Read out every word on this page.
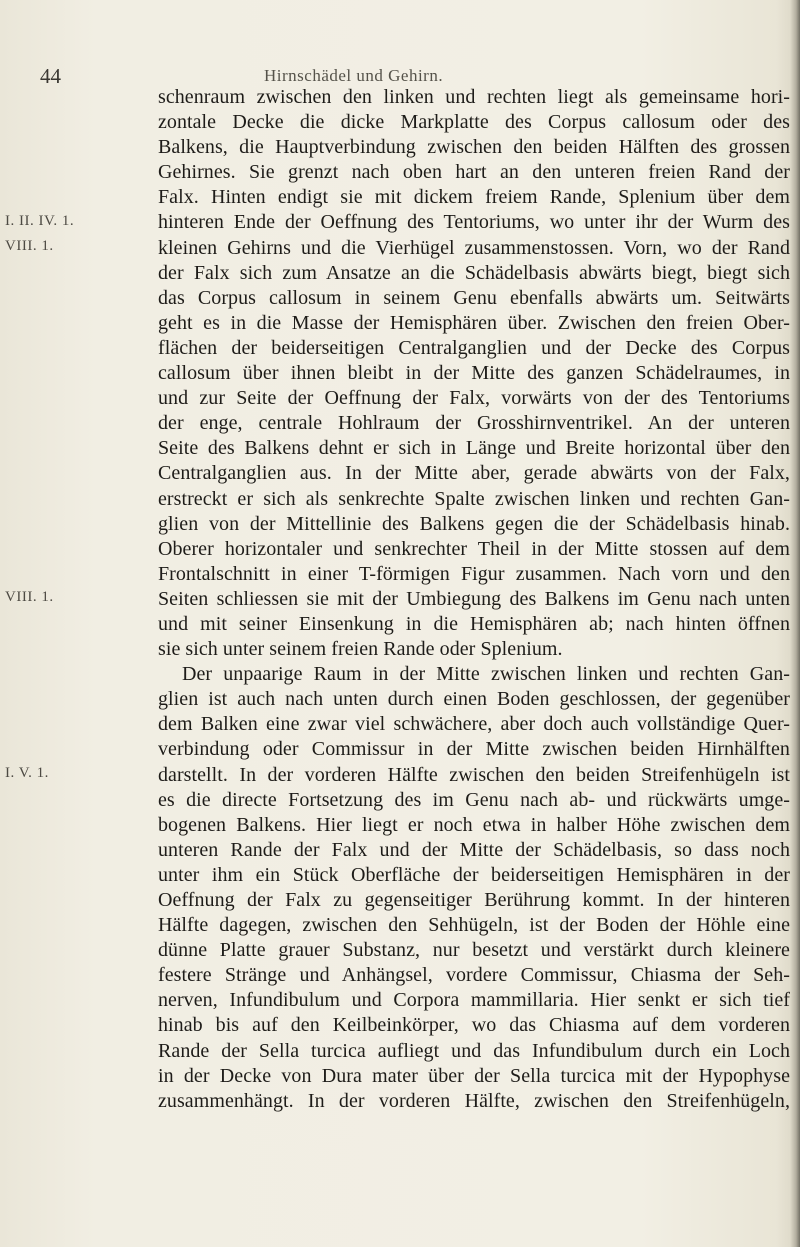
44	Hirnschädel und Gehirn.
I. II. IV. 1.
VIII. 1.
VIII. 1.
I. V. 1.
schenraum zwischen den linken und rechten liegt als gemeinsame hori-
zontale Decke die dicke Markplatte des Corpus callosum oder des
Balkens, die Hauptverbindung zwischen den beiden Hälften des grossen
Gehirnes. Sie grenzt nach oben hart an den unteren freien Rand der
Falx. Hinten endigt sie mit dickem freiem Rande, Splenium über dem
hinteren Ende der Oeffnung des Tentoriums, wo unter ihr der Wurm des
kleinen Gehirns und die Vierhügel zusammenstossen. Vorn, wo der Rand
der Falx sich zum Ansatze an die Schädelbasis abwärts biegt, biegt sich
das Corpus callosum in seinem Genu ebenfalls abwärts um. Seitwärts
geht es in die Masse der Hemisphären über. Zwischen den freien Ober-
flächen der beiderseitigen Centralganglien und der Decke des Corpus
callosum über ihnen bleibt in der Mitte des ganzen Schädelraumes, in
und zur Seite der Oeffnung der Falx, vorwärts von der des Tentoriums
der enge, centrale Hohlraum der Grosshirnventrikel. An der unteren
Seite des Balkens dehnt er sich in Länge und Breite horizontal über den
Centralganglien aus. In der Mitte aber, gerade abwärts von der Falx,
erstreckt er sich als senkrechte Spalte zwischen linken und rechten Gan-
glien von der Mittellinie des Balkens gegen die der Schädelbasis hinab.
Oberer horizontaler und senkrechter Theil in der Mitte stossen auf dem
Frontalschnitt in einer T-förmigen Figur zusammen. Nach vorn und den
Seiten schliessen sie mit der Umbiegung des Balkens im Genu nach unten
und mit seiner Einsenkung in die Hemisphären ab; nach hinten öffnen
sie sich unter seinem freien Rande oder Splenium.
Der unpaarige Raum in der Mitte zwischen linken und rechten Gan-
glien ist auch nach unten durch einen Boden geschlossen, der gegenüber
dem Balken eine zwar viel schwächere, aber doch auch vollständige Quer-
verbindung oder Commissur in der Mitte zwischen beiden Hirnhälften
darstellt. In der vorderen Hälfte zwischen den beiden Streifenhügeln ist
es die directe Fortsetzung des im Genu nach ab- und rückwärts umge-
bogenen Balkens. Hier liegt er noch etwa in halber Höhe zwischen dem
unteren Rande der Falx und der Mitte der Schädelbasis, so dass noch
unter ihm ein Stück Oberfläche der beiderseitigen Hemisphären in der
Oeffnung der Falx zu gegenseitiger Berührung kommt. In der hinteren
Hälfte dagegen, zwischen den Sehhügeln, ist der Boden der Höhle eine
dünne Platte grauer Substanz, nur besetzt und verstärkt durch kleinere
festere Stränge und Anhängsel, vordere Commissur, Chiasma der Seh-
nerven, Infundibulum und Corpora mammillaria. Hier senkt er sich tief
hinab bis auf den Keilbeinkörper, wo das Chiasma auf dem vorderen
Rande der Sella turcica aufliegt und das Infundibulum durch ein Loch
in der Decke von Dura mater über der Sella turcica mit der Hypophyse
zusammenhängt. In der vorderen Hälfte, zwischen den Streifenhügeln,
